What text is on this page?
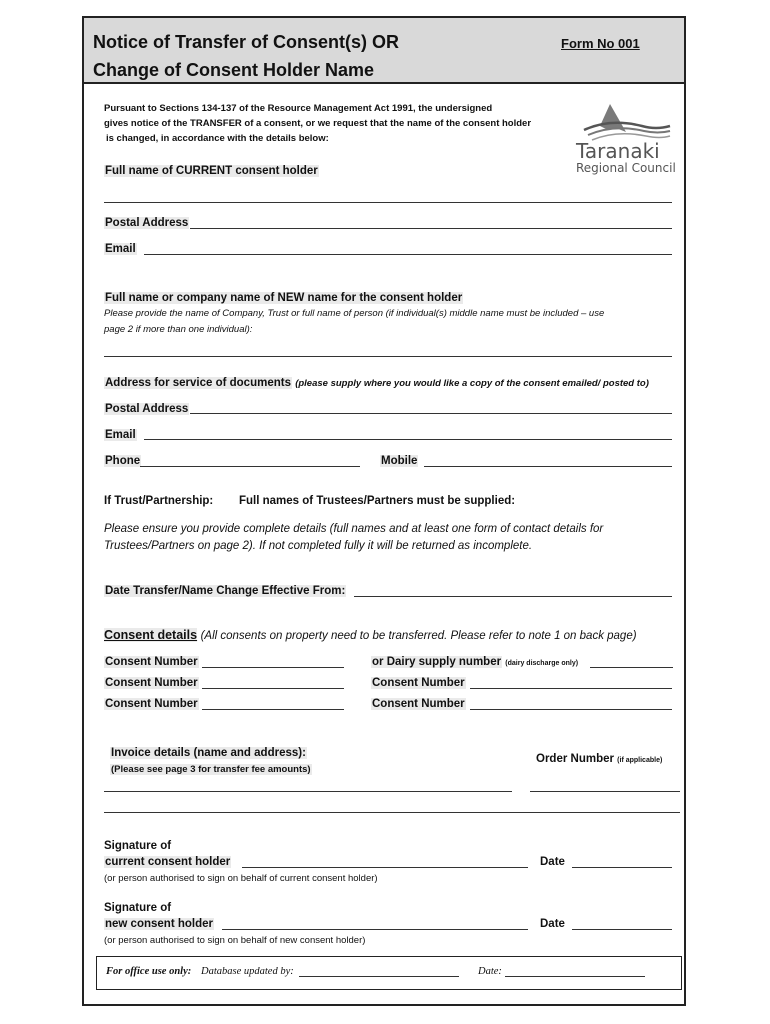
Notice of Transfer of Consent(s) OR
Change of Consent Holder Name
Form No 001
Pursuant to Sections 134-137 of the Resource Management Act 1991, the undersigned
gives notice of the TRANSFER of a consent, or we request that the name of the consent holder
is changed, in accordance with the details below:
Taranaki
Regional Council
Full name of CURRENT consent holder
Postal Address
Email
Full name or company name of NEW name for the consent holder
Please provide the name of Company, Trust or full name of person (if individual(s) middle name must be included – use
page 2 if more than one individual):
Address for service of documents (please supply where you would like a copy of the consent emailed/ posted to)
Postal Address
Email
Phone	Mobile
If Trust/Partnership: Full names of Trustees/Partners must be supplied:
Please ensure you provide complete details (full names and at least one form of contact details for
Trustees/Partners on page 2). If not completed fully it will be returned as incomplete.
Date Transfer/Name Change Effective From:
Consent details (All consents on property need to be transferred. Please refer to note 1 on back page)
Consent Number	or Dairy supply number (dairy discharge only)
Consent Number	Consent Number
Consent Number	Consent Number
Invoice details (name and address):
(Please see page 3 for transfer fee amounts)
Order Number (if applicable)
Signature of
current consent holder	Date
(or person authorised to sign on behalf of current consent holder)
Signature of
new consent holder	Date
(or person authorised to sign on behalf of new consent holder)
For office use only: Database updated by:	Date:
